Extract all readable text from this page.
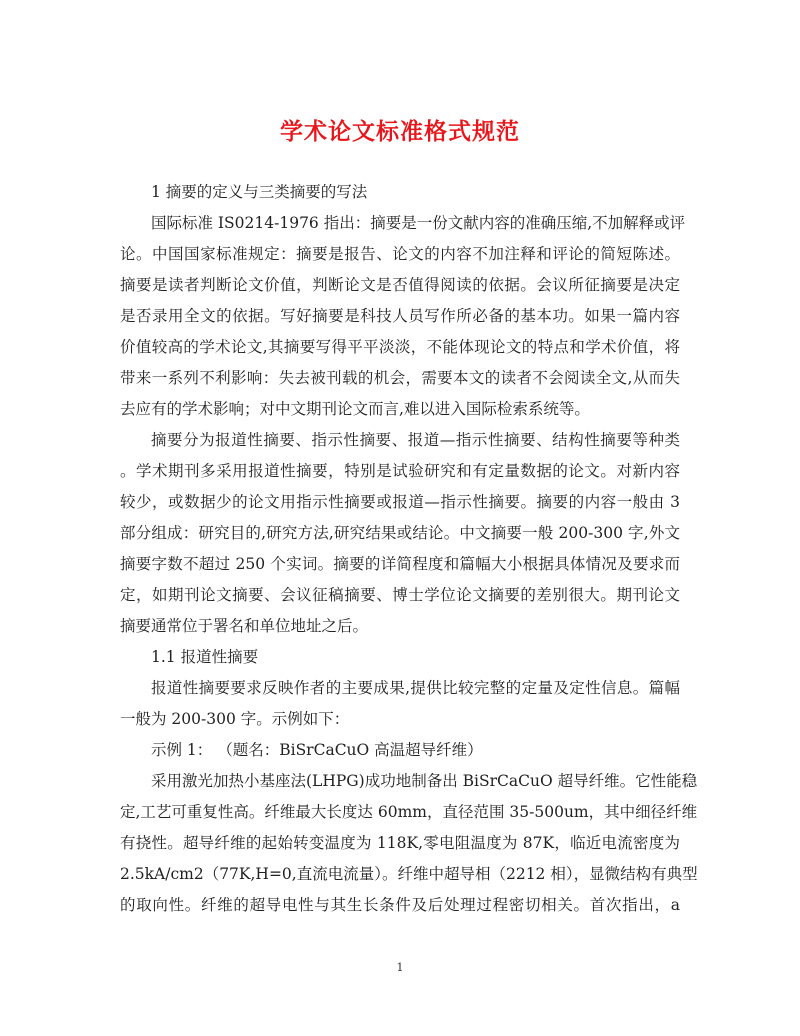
学术论文标准格式规范
1 摘要的定义与三类摘要的写法
国际标准 IS0214-1976 指出：摘要是一份文献内容的准确压缩,不加解释或评
论。中国国家标准规定：摘要是报告、论文的内容不加注释和评论的简短陈述。
摘要是读者判断论文价值，判断论文是否值得阅读的依据。会议所征摘要是决定
是否录用全文的依据。写好摘要是科技人员写作所必备的基本功。如果一篇内容
价值较高的学术论文,其摘要写得平平淡淡，不能体现论文的特点和学术价值，将
带来一系列不利影响：失去被刊载的机会，需要本文的读者不会阅读全文,从而失
去应有的学术影响；对中文期刊论文而言,难以进入国际检索系统等。
摘要分为报道性摘要、指示性摘要、报道—指示性摘要、结构性摘要等种类
。学术期刊多采用报道性摘要，特别是试验研究和有定量数据的论文。对新内容
较少，或数据少的论文用指示性摘要或报道—指示性摘要。摘要的内容一般由 3
部分组成：研究目的,研究方法,研究结果或结论。中文摘要一般 200-300 字,外文
摘要字数不超过 250 个实词。摘要的详简程度和篇幅大小根据具体情况及要求而
定，如期刊论文摘要、会议征稿摘要、博士学位论文摘要的差别很大。期刊论文
摘要通常位于署名和单位地址之后。
1.1 报道性摘要
报道性摘要要求反映作者的主要成果,提供比较完整的定量及定性信息。篇幅
一般为 200-300 字。示例如下：
示例 1： （题名：BiSrCaCuO 高温超导纤维）
采用激光加热小基座法(LHPG)成功地制备出 BiSrCaCuO 超导纤维。它性能稳
定,工艺可重复性高。纤维最大长度达 60mm，直径范围 35-500um，其中细径纤维
有挠性。超导纤维的起始转变温度为 118K,零电阻温度为 87K，临近电流密度为
2.5kA/cm2（77K,H=0,直流电流量）。纤维中超导相（2212 相），显微结构有典型
的取向性。纤维的超导电性与其生长条件及后处理过程密切相关。首次指出，a
1
